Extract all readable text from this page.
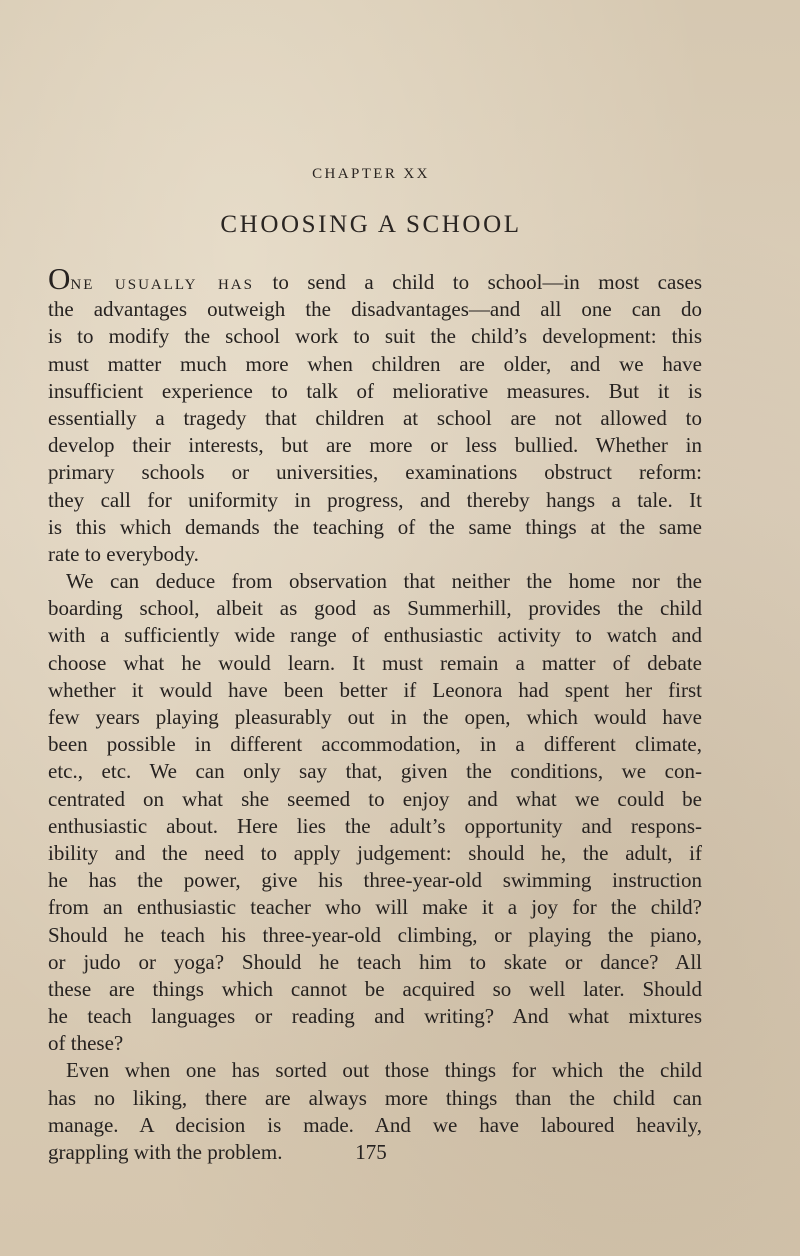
CHAPTER XX
CHOOSING A SCHOOL
One usually has to send a child to school—in most cases
the advantages outweigh the disadvantages—and all one can do
is to modify the school work to suit the child’s development: this
must matter much more when children are older, and we have
insufficient experience to talk of meliorative measures. But it is
essentially a tragedy that children at school are not allowed to
develop their interests, but are more or less bullied. Whether in
primary schools or universities, examinations obstruct reform:
they call for uniformity in progress, and thereby hangs a tale. It
is this which demands the teaching of the same things at the same
rate to everybody.
We can deduce from observation that neither the home nor the
boarding school, albeit as good as Summerhill, provides the child
with a sufficiently wide range of enthusiastic activity to watch and
choose what he would learn. It must remain a matter of debate
whether it would have been better if Leonora had spent her first
few years playing pleasurably out in the open, which would have
been possible in different accommodation, in a different climate,
etc., etc. We can only say that, given the conditions, we con-
centrated on what she seemed to enjoy and what we could be
enthusiastic about. Here lies the adult’s opportunity and respons-
ibility and the need to apply judgement: should he, the adult, if
he has the power, give his three-year-old swimming instruction
from an enthusiastic teacher who will make it a joy for the child?
Should he teach his three-year-old climbing, or playing the piano,
or judo or yoga? Should he teach him to skate or dance? All
these are things which cannot be acquired so well later. Should
he teach languages or reading and writing? And what mixtures
of these?
Even when one has sorted out those things for which the child
has no liking, there are always more things than the child can
manage. A decision is made. And we have laboured heavily,
grappling with the problem.	175
